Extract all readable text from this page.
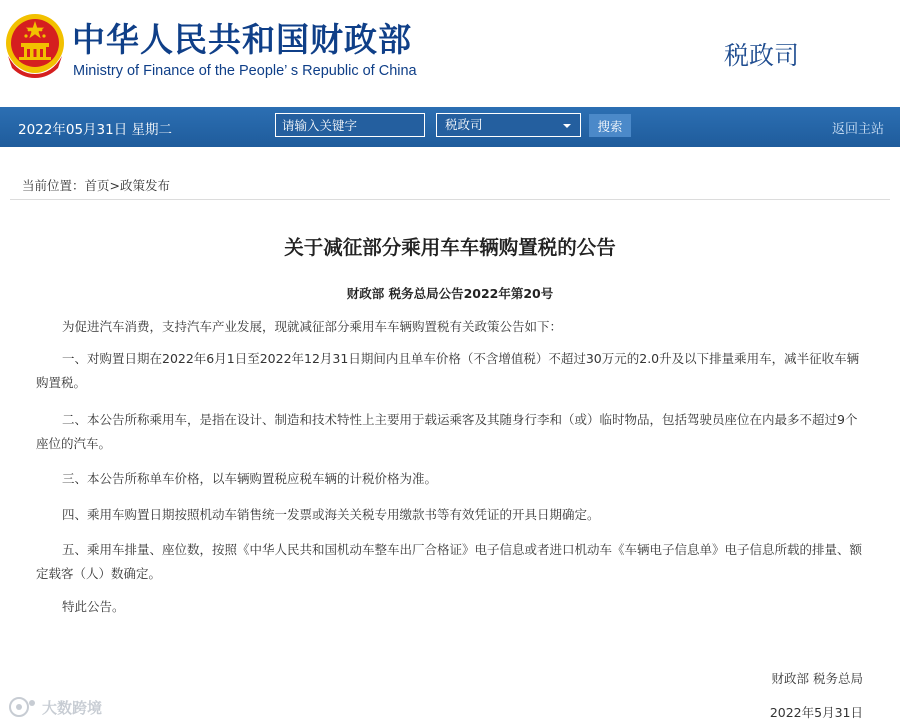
中华人民共和国财政部
Ministry of Finance of the People’ s Republic of China
税政司
2022年05月31日 星期二
请输入关键字	税政司	搜索	返回主站
当前位置：首页>政策发布
关于减征部分乘用车车辆购置税的公告
财政部 税务总局公告2022年第20号

为促进汽车消费，支持汽车产业发展，现就减征部分乘用车车辆购置税有关政策公告如下：

一、对购置日期在2022年6月1日至2022年12月31日期间内且单车价格（不含增值税）不超过30万元的2.0升及以下排量乘用车，减半征收车辆购置税。

二、本公告所称乘用车，是指在设计、制造和技术特性上主要用于载运乘客及其随身行李和（或）临时物品，包括驾驶员座位在内最多不超过9个座位的汽车。

三、本公告所称单车价格，以车辆购置税应税车辆的计税价格为准。

四、乘用车购置日期按照机动车销售统一发票或海关关税专用缴款书等有效凭证的开具日期确定。

五、乘用车排量、座位数，按照《中华人民共和国机动车整车出厂合格证》电子信息或者进口机动车《车辆电子信息单》电子信息所载的排量、额定载客（人）数确定。

特此公告。

财政部 税务总局
2022年5月31日
大数跨境
